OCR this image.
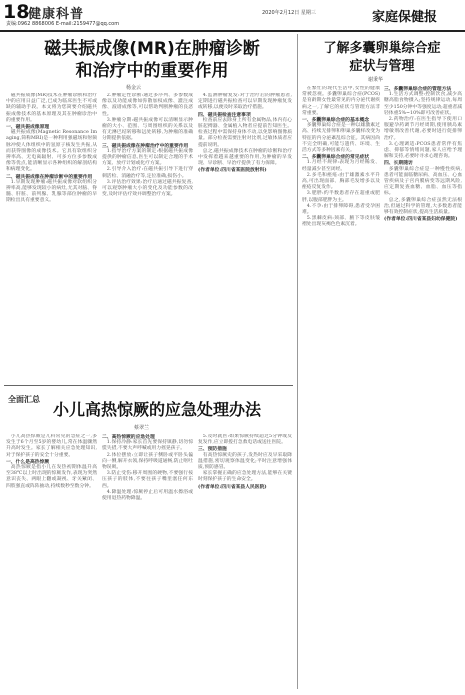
18
健康科普
责编:0962 8868006 E-mail:2159477@qq.com
2020年2月12日 星期三	家庭保健报
磁共振成像(MR)在肿瘤诊断
和治疗中的重要作用
杨金云

磁共振成像(MR)技术在肿瘤诊断和治疗中的应用日益广泛,已成为临床医生不可或缺的辅助手段。本文将为您简要介绍磁共振成像技术的基本原理及其在肿瘤诊治中的重要作用。

一、磁共振成像原理

磁共振成像(Magnetic Resonance Imaging,简称MRI)是一种利用强磁场和射频脉冲使人体组织中的氢原子核发生共振,从而获得图像的成像技术。它具有软组织分辨率高、无电离辐射、可多方位多参数成像等优点,能清晰显示各种组织的解剖结构和病理变化。

二、磁共振成像在肿瘤诊断中的重要作用

1.早期发现肿瘤:磁共振成像对软组织分辨率高,能够发现较小的病灶,尤其对脑、脊髓、肝脏、前列腺、乳腺等部位肿瘤的早期检出具有重要意义。

2.肿瘤定性诊断:通过多序列、多参数成像以及功能成像如弥散加权成像、灌注成像、波谱成像等,可以帮助判断肿瘤的良恶性。

3.肿瘤分期:磁共振成像可以清晰显示肿瘤的大小、范围、与周围组织的关系以及有无淋巴结转移和远处转移,为肿瘤的准确分期提供依据。

三、磁共振成像在肿瘤治疗中的重要作用

1.指导治疗方案的制定:根据磁共振成像提供的肿瘤信息,医生可以制定合理的手术方案、放疗计划或化疗方案。

2.引导介入治疗:在磁共振引导下进行穿刺活检、消融治疗等,定位准确,损伤小。

3.评估治疗效果:治疗后通过磁共振复查,可以观察肿瘤大小的变化及功能参数的改变,及时评估疗效并调整治疗方案。

4.监测肿瘤复发:对于治疗后的肿瘤患者,定期进行磁共振检查可以早期发现肿瘤复发或转移,以便及时采取治疗措施。

四、磁共振检查注意事项

检查前应去除身上所有金属物品,体内有心脏起搏器、金属植入物者应提前告知医生。检查过程中需保持身体不动,以免影响图像质量。部分检查需要注射对比剂,过敏体质者应提前说明。

总之,磁共振成像技术在肿瘤的诊断和治疗中发挥着越来越重要的作用,为肿瘤的早发现、早诊断、早治疗提供了有力保障。

(作者单位:四川省某医院放射科)

了解多囊卵巢综合症
症状与管理
谢秉华

在繁忙的现代生活中,女性的健康常被忽视。多囊卵巢综合症(PCOS)是育龄期女性最常见的内分泌代谢疾病之一,了解它的症状与管理方法非常重要。

一、多囊卵巢综合症的基本概念

多囊卵巢综合症是一种以雄激素过高、持续无排卵和卵巢多囊样改变为特征的内分泌紊乱综合征。其病因尚不完全明确,可能与遗传、环境、生活方式等多种因素有关。

二、多囊卵巢综合症的常见症状

1.月经不规律:表现为月经稀发、经量减少甚至闭经。

2.多毛和痤疮:由于雄激素水平升高,可出现面部、胸部毛发增多以及痤疮反复发作。

3.肥胖:约半数患者存在超重或肥胖,以腹部肥胖为主。

4.不孕:由于排卵障碍,患者受孕困难。

5.黑棘皮病:颈部、腋下等皮肤皱褶处出现灰褐色色素沉着。

三、多囊卵巢综合症的管理方法

1.生活方式调整:控制饮食,减少高糖高脂食物摄入;坚持规律运动,每周至少150分钟中等强度运动;超重者减轻体重5%~10%即可改善症状。

2.药物治疗:在医生指导下使用口服避孕药调节月经周期,使用胰岛素增敏剂改善代谢,必要时进行促排卵治疗。

3.心理调适:PCOS患者常伴有焦虑、抑郁等情绪问题,家人应给予理解和支持,必要时寻求心理咨询。

四、长期随访

多囊卵巢综合症是一种慢性疾病,患者可能面临糖尿病、高血压、心血管疾病及子宫内膜病变等远期风险,应定期复查血糖、血脂、血压等指标。

总之,多囊卵巢综合症虽然无法根治,但通过科学的管理,大多数患者能够有效控制症状,提高生活质量。

(作者单位:四川省某县妇幼保健院)

全面汇总
小儿高热惊厥的应急处理办法
蔡翠兰

小儿高热惊厥是儿科常见的急症之一,多发生于6个月至5岁的婴幼儿,常在体温骤然升高时发生。家长了解相关应急处理知识,对于保护孩子的安全十分重要。

一、什么是高热惊厥

高热惊厥是指小儿在发热初期体温升高至38℃以上时出现的惊厥发作,表现为突然意识丧失、两眼上翻或凝视、牙关紧闭、四肢强直或阵阵抽动,持续数秒至数分钟。

二、高热惊厥的应急处理

1.保持冷静:家长首先要保持镇静,切勿惊慌失措,不要大声呼喊或用力摇晃孩子。

2.体位摆放:立即让孩子侧卧或平卧头偏向一侧,解开衣领,保持呼吸道通畅,防止呕吐物误吸。

3.防止受伤:移开周围的硬物,不要强行按压孩子的肢体,不要往孩子嘴里塞任何东西。

4.降温处理:惊厥停止后可用温水擦浴或使用退热药物降温。

5.及时就医:如果惊厥持续超过5分钟或反复发作,应立即拨打急救电话或送往医院。

三、预防措施

有高热惊厥史的孩子,发热时应及早采取降温措施,密切观察体温变化;平时注意增强体质,预防感冒。

家长掌握正确的应急处理方法,能够在关键时刻保护孩子的生命安全。

(作者单位:四川省某县人民医院)
